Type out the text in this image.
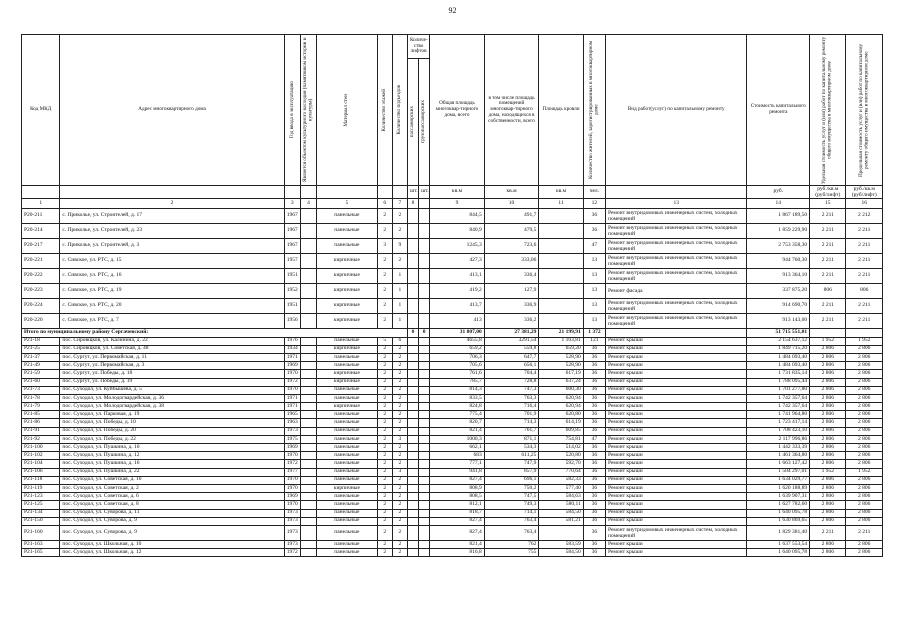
92
Код МКД	Адрес многоквартирного дома	Год ввода в эксплуатацию	Является объектом культурного наследия (памятником истории и культуры)	Материал стен	Количество этажей	Количество подъездов	Количе-ство лифтов		Общая площадь многоквар-тирного дома, всего	в том числе площадь помещений многоквар-тирного дома, находящихся в собственности, всего	Площадь кровли	Количество жителей, зарегистрированных в многоквартирном доме	Вид работ(услуг) по капитальному ремонту	Стоимость капитального ремонта	Удельная стоимость услуг и (или) работ по капитальному ремонту общего имущества в многоквартирном доме	Предельная стоимость услуг и (или) работ по капитальному ремонту общего имущества в многоквартирном доме

							пассажирских	грузопассажирских								

							шт.	шт.	кв.м	кв.м	кв.м	чел.		руб.	руб./кв.м (руб/лифт)	руб./кв.м (руб/лифт)
1	2	3	4	5	6	7	8		9	10	11	12	13	14	15	16
Р20-211	с. Приколье, ул. Строителей, д. 17	1967		панельные	2	2			844,5	491,7		36	Ремонт внутридомовых инженерных систем, холодных помещений	1 867 189,50	2 211	2 212
Р20-214	с. Приколье, ул. Строителей, д. 23	1967		панельные	2	2			840,9	479,5		36	Ремонт внутридомовых инженерных систем, холодных помещений	1 859 229,90	2 211	2 211
Р20-217	с. Приколье, ул. Строителей, д. 3	1967		панельные	3	9			1245,3	723,6		47	Ремонт внутридомовых инженерных систем, холодных помещений	2 753 358,30	2 211	2 211
Р20-221	с. Сивское, ул. РТС, д. 15	1957		кирпичные	2	2			427,3	333,06		13	Ремонт внутридомовых инженерных систем, холодных помещений	944 760,30	2 211	2 211
Р20-222	с. Сивское, ул. РТС, д. 16	1951		кирпичные	2	1			413,1	336,4		13	Ремонт внутридомовых инженерных систем, холодных помещений	913 364,10	2 211	2 211
Р20-223	с. Сивское, ул. РТС, д. 19	1952		кирпичные	2	1			419,2	127,9		13	Ремонт фасада	337 875,20	806	806
Р20-224	с. Сивское, ул. РТС, д. 20	1951		кирпичные	2	1			413,7	336,9		13	Ремонт внутридомовых инженерных систем, холодных помещений	914 690,70	2 211	2 211
Р20-220	с. Сивское, ул. РТС, д. 7	1956		кирпичные	2	1			413	336,2		13	Ремонт внутридомовых инженерных систем, холодных помещений	913 143,00	2 211	2 211
Итого по муниципальному району Сергачевский:							0	0	31 807,00	27 381,29	21 199,91	1 372		51 715 551,01		
Р21-18	пос. Сировщков, ул. Калинина, д. 22	1976		панельные	5	6			4655,8	3291,54	1 103,81	121	Ремонт крыши	2 154 637,12	1 952	1 952
Р21-25	пос. Сировщков, ул. Советская, д. 48	1934		кирпичные	2	2			659,2	559,8	659,20	36	Ремонт крыши	1 849 715,20	2 806	2 806
Р21-37	пос. Сургут, ул. Первомайская, д. 11	1971		панельные	2	2			706,3	647,7	528,90	36	Ремонт крыши	1 484 093,40	2 806	2 806
Р21-49	пос. Сургут, ул. Первомайская, д. 3	1969		панельные	2	2			705,6	656,1	528,90	36	Ремонт крыши	1 484 093,40	2 806	2 806
Р21-59	пос. Сургут, ул. Победы, д. 18	1970		кирпичные	2	2			761,6	704,4	617,19	36	Ремонт крыши	1 731 835,14	2 806	2 806
Р21-60	пос. Сургут, ул. Победы, д. 19	1972		кирпичные	2	2			785,7	728,8	637,24	36	Ремонт крыши	1 788 095,44	2 806	2 806
Р21-73	пос. Суходол, ул. Куйбышева, д. 5	1970		панельные	2	2			814,3	747,3	600,30	36	Ремонт крыши	1 701 277,80	2 806	2 806
Р21-78	пос. Суходол, ул. Молодогвардейская, д. 36	1971		панельные	2	2			833,5	763,3	620,94	36	Ремонт крыши	1 742 357,64	2 806	2 806
Р21-79	пос. Суходол, ул. Молодогвардейская, д. 38	1971		кирпичные	2	2			824,8	716,4	620,94	36	Ремонт крыши	1 742 357,64	2 806	2 806
Р21-85	пос. Суходол, ул. Парковая, д. 19	1965		панельные	2	2			775,4	701,9	620,80	36	Ремонт крыши	1 741 964,80	2 806	2 806
Р21-86	пос. Суходол, ул. Победы, д. 10	1963		панельные	2	2			820,7	714,3	614,19	36	Ремонт крыши	1 723 417,14	2 806	2 806
Р21-91	пос. Суходол, ул. Победы, д. 20	1973		панельные	2	2			821,4	761,7	609,85	36	Ремонт крыши	1 708 423,10	2 806	2 806
Р21-92	пос. Суходол, ул. Победы, д. 22	1975		панельные	2	3			1000,3	871,1	754,81	47	Ремонт крыши	2 117 996,86	2 806	2 806
Р21-100	пос. Суходол, ул. Пушкина, д. 10	1969		панельные	2	2			662,1	534,3	514,02	36	Ремонт крыши	1 442 333,39	2 806	2 806
Р21-102	пос. Суходол, ул. Пушкина, д. 12	1970		панельные	2	2			683	611,25	520,80	36	Ремонт крыши	1 461 364,80	2 806	2 806
Р21-104	пос. Суходол, ул. Пушкина, д. 16	1972		панельные	2	2			777,1	747,9	592,70	36	Ремонт крыши	1 663 127,42	2 806	2 806
Р21-106	пос. Суходол, ул. Пушкина, д. 22	1977		панельные	2	3			941,8	857,9	770,64	36	Ремонт крыши	1 504 297,01	1 952	1 952
Р21-118	пос. Суходол, ул. Советская, д. 10	1970		панельные	2	2			827,4	696,1	582,33	36	Ремонт крыши	1 634 029,77	2 806	2 806
Р21-119	пос. Суходол, ул. Советская, д. 2	1970		кирпичные	2	2			808,9	750,2	577,40	36	Ремонт крыши	1 620 188,89	2 806	2 806
Р21-123	пос. Суходол, ул. Советская, д. 6	1969		панельные	2	2			808,5	747,5	584,63	36	Ремонт крыши	1 639 907,31	2 806	2 806
Р21-125	пос. Суходол, ул. Советская, д. 8	1970		панельные	2	2			812,1	749,3	580,11	36	Ремонт крыши	1 627 782,60	2 806	2 806
Р21-134	пос. Суходол, ул. Суворова, д. 11	1973		панельные	2	2			818,7	714,1	584,50	36	Ремонт крыши	1 640 095,78	2 806	2 806
Р21-150	пос. Суходол, ул. Суворова, д. 9	1973		панельные	2	2			827,4	763,4	581,21	36	Ремонт крыши	1 630 869,65	2 806	2 806
Р21-160	пос. Суходол, ул. Суворова, д. 9	1973		панельные	2	2			827,4	763,4		36	Ремонт внутридомовых инженерных систем, холодных помещений	1 829 381,40	2 211	2 211
Р21-163	пос. Суходол, ул. Школьная, д. 10	1973		панельные	2	2			821,4	762	583,59	36	Ремонт крыши	1 637 553,54	2 806	2 806
Р21-165	пос. Суходол, ул. Школьная, д. 12	1972		панельные	2	2			816,8	755	584,50	36	Ремонт крыши	1 640 095,78	2 806	2 806
